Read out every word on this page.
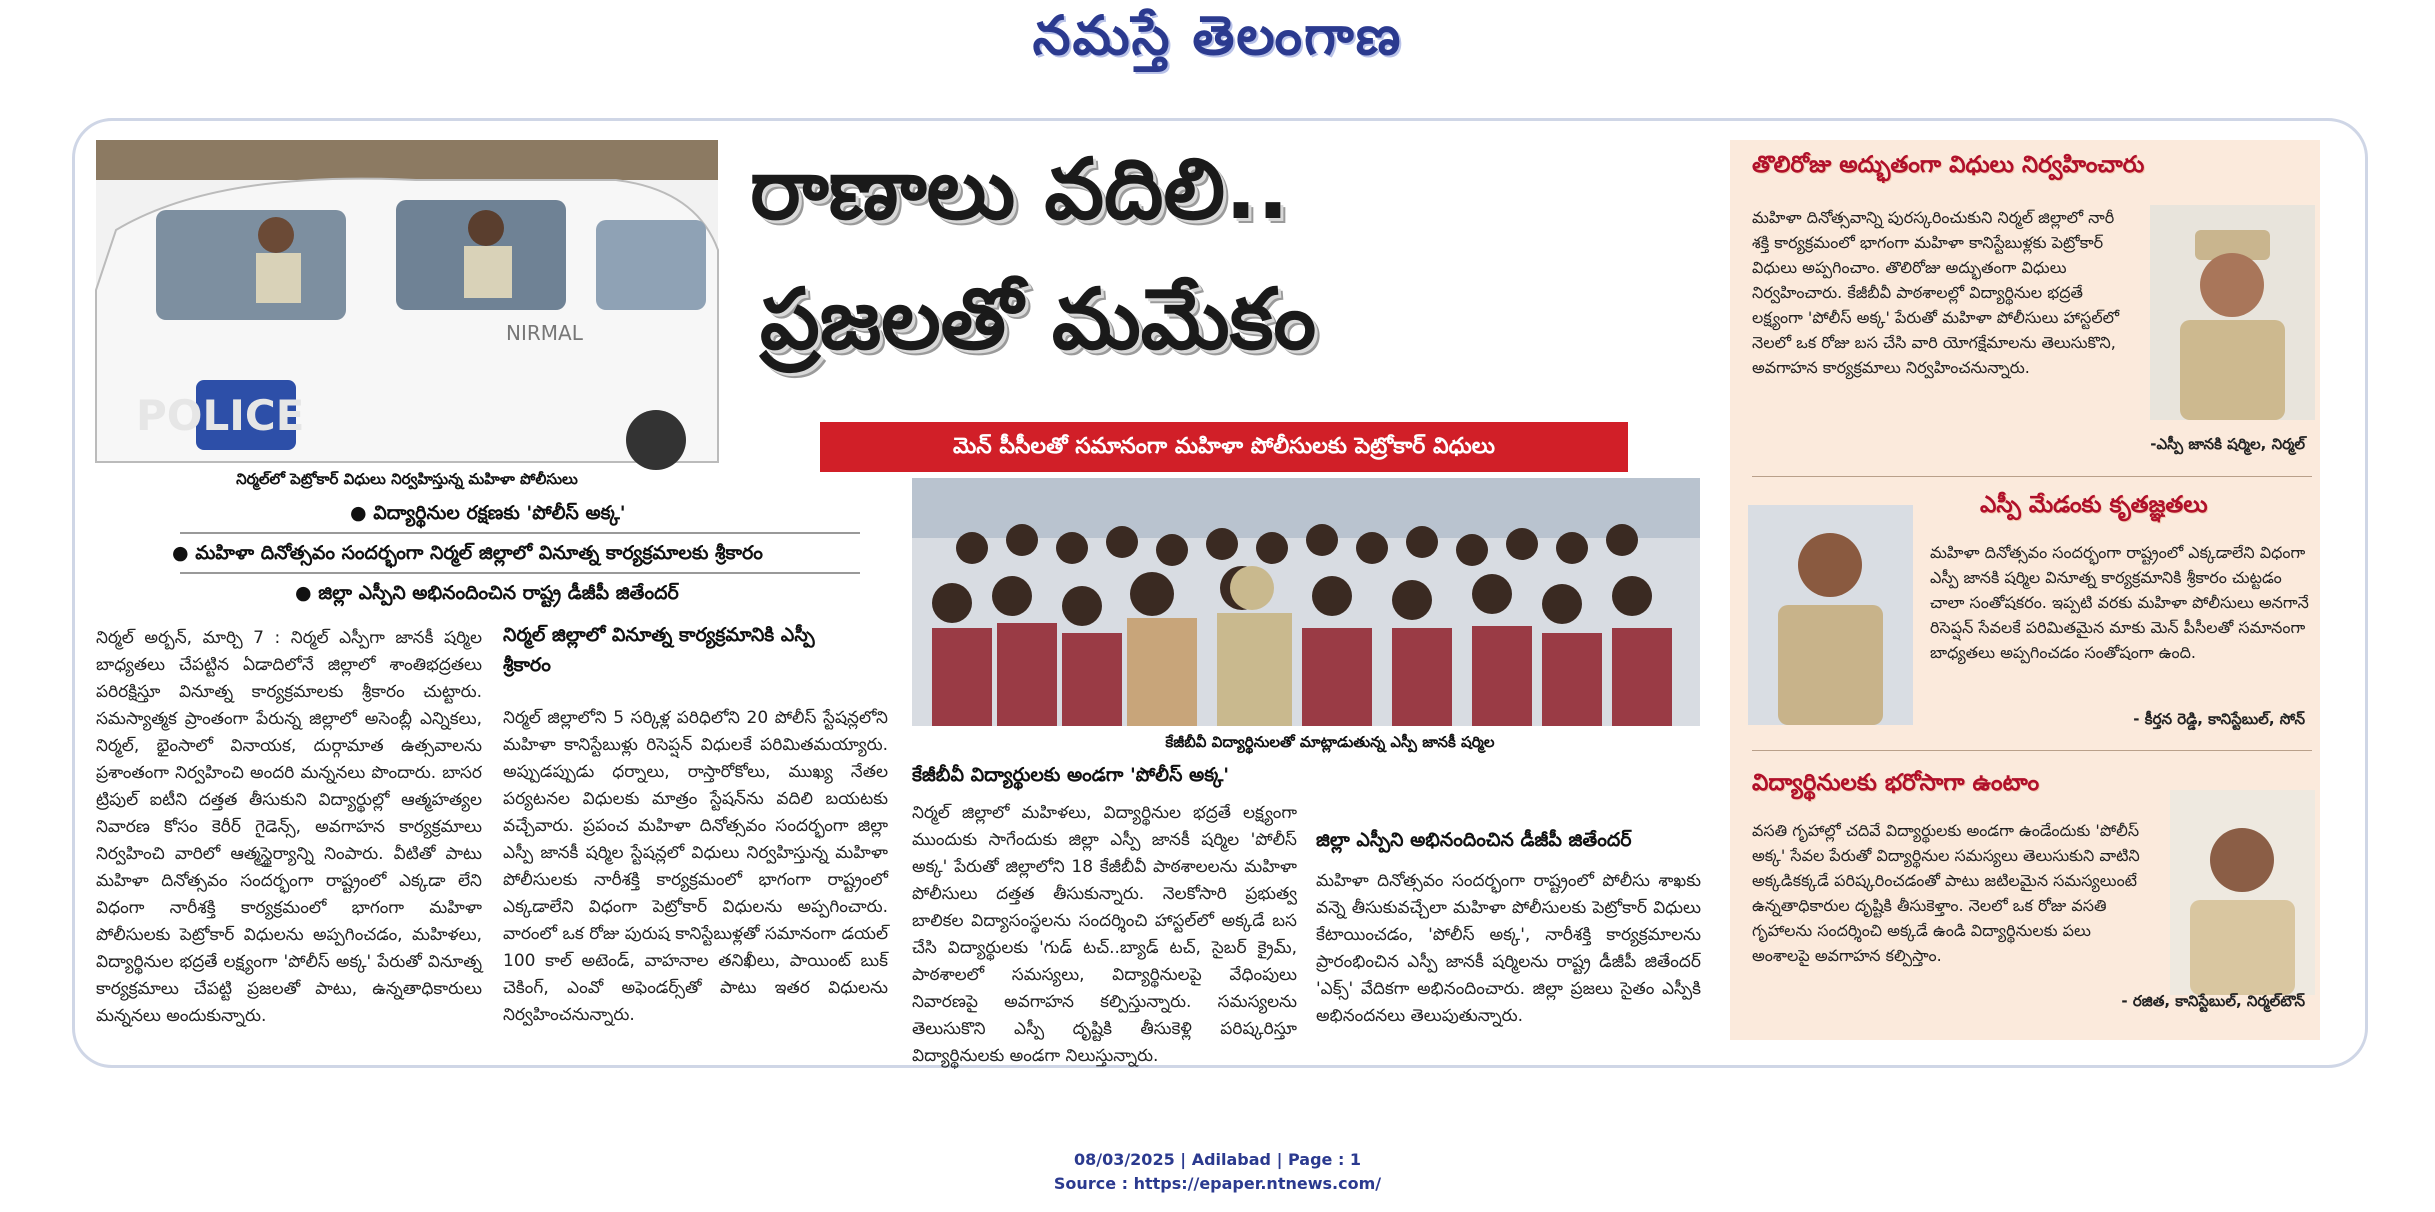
నమస్తే తెలంగాణ
POLICE
NIRMAL
నిర్మల్‌లో పెట్రోకార్ విధులు నిర్వహిస్తున్న మహిళా పోలీసులు
● విద్యార్థినుల రక్షణకు 'పోలీస్ అక్క'
● మహిళా దినోత్సవం సందర్భంగా నిర్మల్ జిల్లాలో వినూత్న కార్యక్రమాలకు శ్రీకారం
● జిల్లా ఎస్పీని అభినందించిన రాష్ట్ర డీజీపీ జితేందర్
రాణాలు వదిలి..
ప్రజలతో మమేకం
మెన్ పీసీలతో సమానంగా మహిళా పోలీసులకు పెట్రోకార్ విధులు
నిర్మల్ అర్బన్, మార్చి 7 : నిర్మల్ ఎస్పీగా జానకీ షర్మిల బాధ్యతలు చేపట్టిన ఏడాదిలోనే జిల్లాలో శాంతిభద్రతలు పరిరక్షిస్తూ వినూత్న కార్యక్రమాలకు శ్రీకారం చుట్టారు. సమస్యాత్మక ప్రాంతంగా పేరున్న జిల్లాలో అసెంబ్లీ ఎన్నికలు, నిర్మల్, భైంసాలో వినాయక, దుర్గామాత ఉత్సవాలను ప్రశాంతంగా నిర్వహించి అందరి మన్ననలు పొందారు. బాసర ట్రిపుల్ ఐటీని దత్తత తీసుకుని విద్యార్థుల్లో ఆత్మహత్యల నివారణ కోసం కెరీర్ గైడెన్స్, అవగాహన కార్యక్రమాలు నిర్వహించి వారిలో ఆత్మస్థైర్యాన్ని నింపారు. వీటితో పాటు మహిళా దినోత్సవం సందర్భంగా రాష్ట్రంలో ఎక్కడా లేని విధంగా నారీశక్తి కార్యక్రమంలో భాగంగా మహిళా పోలీసులకు పెట్రోకార్ విధులను అప్పగించడం, మహిళలు, విద్యార్థినుల భద్రతే లక్ష్యంగా 'పోలీస్ అక్క' పేరుతో వినూత్న కార్యక్రమాలు చేపట్టి ప్రజలతో పాటు, ఉన్నతాధికారులు మన్ననలు అందుకున్నారు.
నిర్మల్ జిల్లాలో వినూత్న కార్యక్రమానికి ఎస్పీ శ్రీకారం
నిర్మల్ జిల్లాలోని 5 సర్కిళ్ల పరిధిలోని 20 పోలీస్ స్టేషన్లలోని మహిళా కానిస్టేబుళ్లు రిసెప్షన్ విధులకే పరిమితమయ్యారు. అప్పుడప్పుడు ధర్నాలు, రాస్తారోకోలు, ముఖ్య నేతల పర్యటనల విధులకు మాత్రం స్టేషన్‌ను వదిలి బయటకు వచ్చేవారు. ప్రపంచ మహిళా దినోత్సవం సందర్భంగా జిల్లా ఎస్పీ జానకీ షర్మిల స్టేషన్లలో విధులు నిర్వహిస్తున్న మహిళా పోలీసులకు నారీశక్తి కార్యక్రమంలో భాగంగా రాష్ట్రంలో ఎక్కడాలేని విధంగా పెట్రోకార్ విధులను అప్పగించారు. వారంలో ఒక రోజు పురుష కానిస్టేబుళ్లతో సమానంగా డయల్ 100 కాల్ అటెండ్, వాహనాల తనిఖీలు, పాయింట్ బుక్ చెకింగ్, ఎంవో అఫెండర్స్‌తో పాటు ఇతర విధులను నిర్వహించనున్నారు.
కేజీబీవీ విద్యార్థినులతో మాట్లాడుతున్న ఎస్పీ జానకీ షర్మిల
కేజీబీవీ విద్యార్థులకు అండగా 'పోలీస్ అక్క'
నిర్మల్ జిల్లాలో మహిళలు, విద్యార్థినుల భద్రతే లక్ష్యంగా ముందుకు సాగేందుకు జిల్లా ఎస్పీ జానకీ షర్మిల 'పోలీస్ అక్క' పేరుతో జిల్లాలోని 18 కేజీబీవీ పాఠశాలలను మహిళా పోలీసులు దత్తత తీసుకున్నారు. నెలకోసారి ప్రభుత్వ బాలికల విద్యాసంస్థలను సందర్శించి హాస్టల్‌లో అక్కడే బస చేసి విద్యార్థులకు 'గుడ్ టచ్..బ్యాడ్ టచ్, సైబర్ క్రైమ్, పాఠశాలలో సమస్యలు, విద్యార్థినులపై వేధింపులు నివారణపై అవగాహన కల్పిస్తున్నారు. సమస్యలను తెలుసుకొని ఎస్పీ దృష్టికి తీసుకెళ్లి పరిష్కరిస్తూ విద్యార్థినులకు అండగా నిలుస్తున్నారు.
జిల్లా ఎస్పీని అభినందించిన డీజీపీ జితేందర్
మహిళా దినోత్సవం సందర్భంగా రాష్ట్రంలో పోలీసు శాఖకు వన్నె తీసుకువచ్చేలా మహిళా పోలీసులకు పెట్రోకార్ విధులు కేటాయించడం, 'పోలీస్ అక్క', నారీశక్తి కార్యక్రమాలను ప్రారంభించిన ఎస్పీ జానకీ షర్మిలను రాష్ట్ర డీజీపీ జితేందర్ 'ఎక్స్' వేదికగా అభినందించారు. జిల్లా ప్రజలు సైతం ఎస్పీకి అభినందనలు తెలుపుతున్నారు.
తొలిరోజు అద్భుతంగా విధులు నిర్వహించారు
మహిళా దినోత్సవాన్ని పురస్కరించుకుని నిర్మల్ జిల్లాలో నారీ శక్తి కార్యక్రమంలో భాగంగా మహిళా కానిస్టేబుళ్లకు పెట్రోకార్ విధులు అప్పగించాం. తొలిరోజు అద్భుతంగా విధులు నిర్వహించారు. కేజీబీవీ పాఠశాలల్లో విద్యార్థినుల భద్రతే లక్ష్యంగా 'పోలీస్ అక్క' పేరుతో మహిళా పోలీసులు హాస్టల్‌లో నెలలో ఒక రోజు బస చేసి వారి యోగక్షేమాలను తెలుసుకొని, అవగాహన కార్యక్రమాలు నిర్వహించనున్నారు.
-ఎస్పీ జానకి షర్మిల, నిర్మల్
ఎస్పీ మేడంకు కృతజ్ఞతలు
మహిళా దినోత్సవం సందర్భంగా రాష్ట్రంలో ఎక్కడాలేని విధంగా ఎస్పీ జానకి షర్మిల వినూత్న కార్యక్రమానికి శ్రీకారం చుట్టడం చాలా సంతోషకరం. ఇప్పటి వరకు మహిళా పోలీసులు అనగానే రిసెప్షన్ సేవలకే పరిమితమైన మాకు మెన్ పీసీలతో సమానంగా బాధ్యతలు అప్పగించడం సంతోషంగా ఉంది.
- కీర్తన రెడ్డి, కానిస్టేబుల్, సోన్
విద్యార్థినులకు భరోసాగా ఉంటాం
వసతి గృహాల్లో చదివే విద్యార్థులకు అండగా ఉండేందుకు 'పోలీస్ అక్క' సేవల పేరుతో విద్యార్థినుల సమస్యలు తెలుసుకుని వాటిని అక్కడికక్కడే పరిష్కరించడంతో పాటు జటిలమైన సమస్యలుంటే ఉన్నతాధికారుల దృష్టికి తీసుకెళ్తాం. నెలలో ఒక రోజు వసతి గృహాలను సందర్శించి అక్కడే ఉండి విద్యార్థినులకు పలు అంశాలపై అవగాహన కల్పిస్తాం.
- రజిత, కానిస్టేబుల్, నిర్మల్‌టౌన్
08/03/2025 | Adilabad | Page : 1
Source : https://epaper.ntnews.com/
